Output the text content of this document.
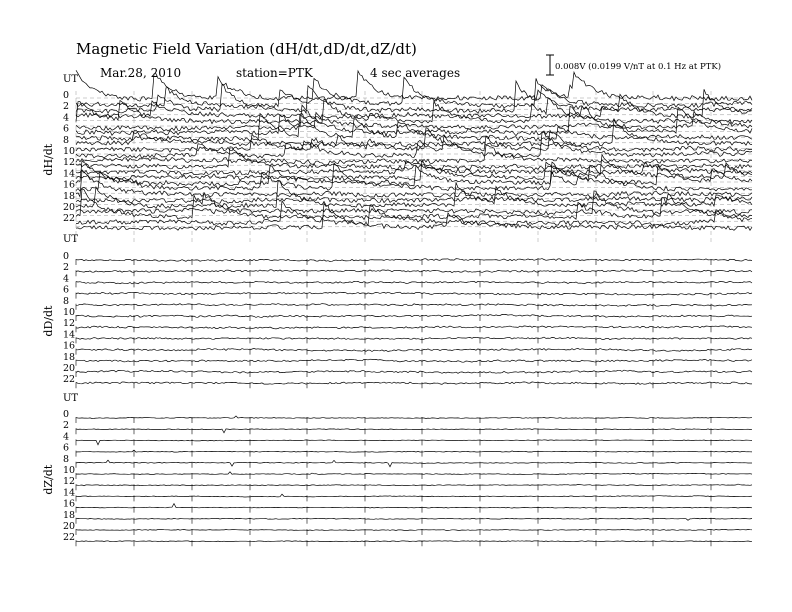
Magnetic Field Variation (dH/dt,dD/dt,dZ/dt)
Mar.28, 2010	station=PTK	4 sec averages	0.008V (0.0199 V/nT at 0.1 Hz at PTK)
UT
dH/dt
0
2
4
6
8
10
12
14
16
18
20
22
UT
dD/dt
0
2
4
6
8
10
12
14
16
18
20
22
UT
dZ/dt
0
2
4
6
8
10
12
14
16
18
20
22
